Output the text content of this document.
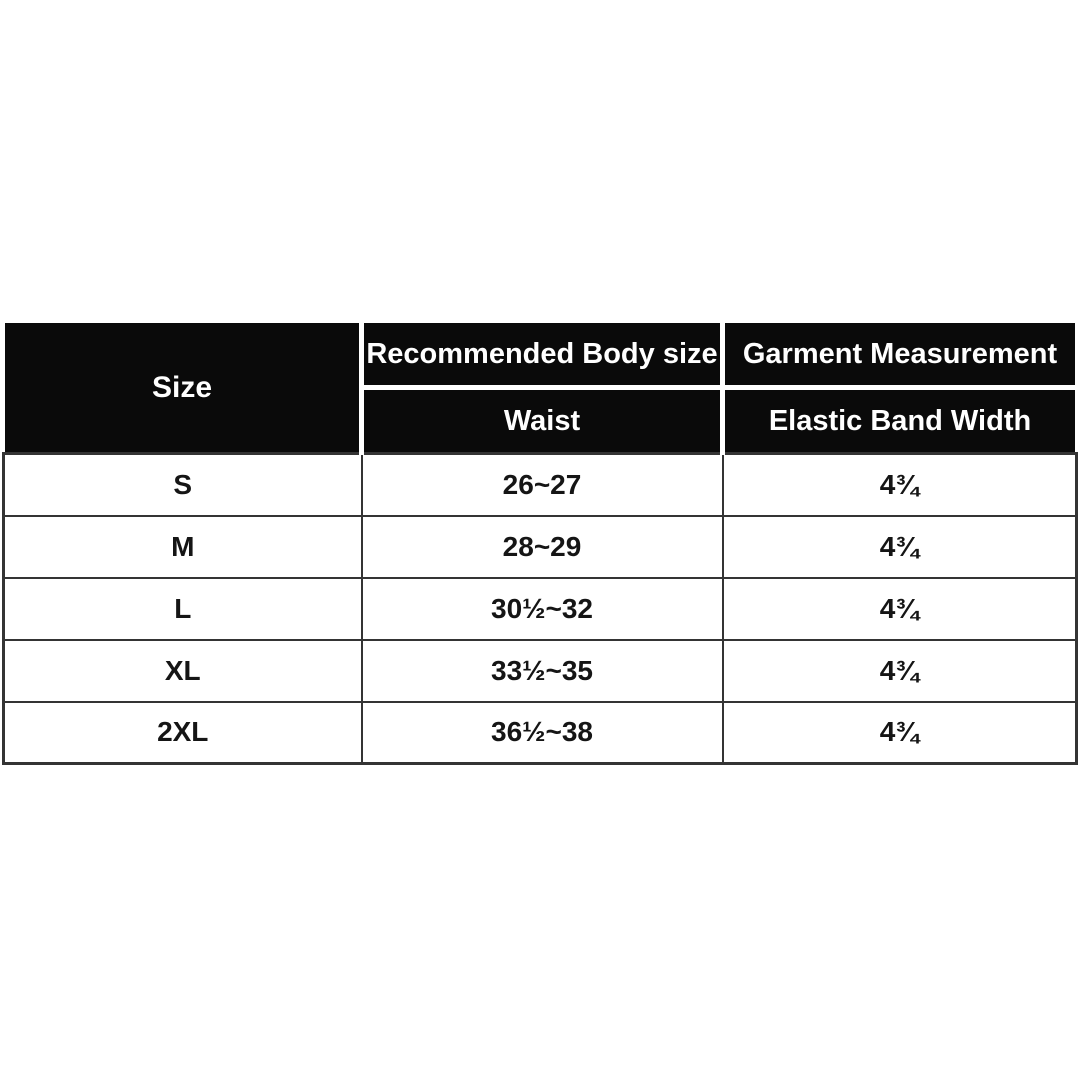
Size	Recommended Body size	Garment Measurement
	Waist	Elastic Band Width
S	26~27	4¾
M	28~29	4¾
L	30½~32	4¾
XL	33½~35	4¾
2XL	36½~38	4¾
